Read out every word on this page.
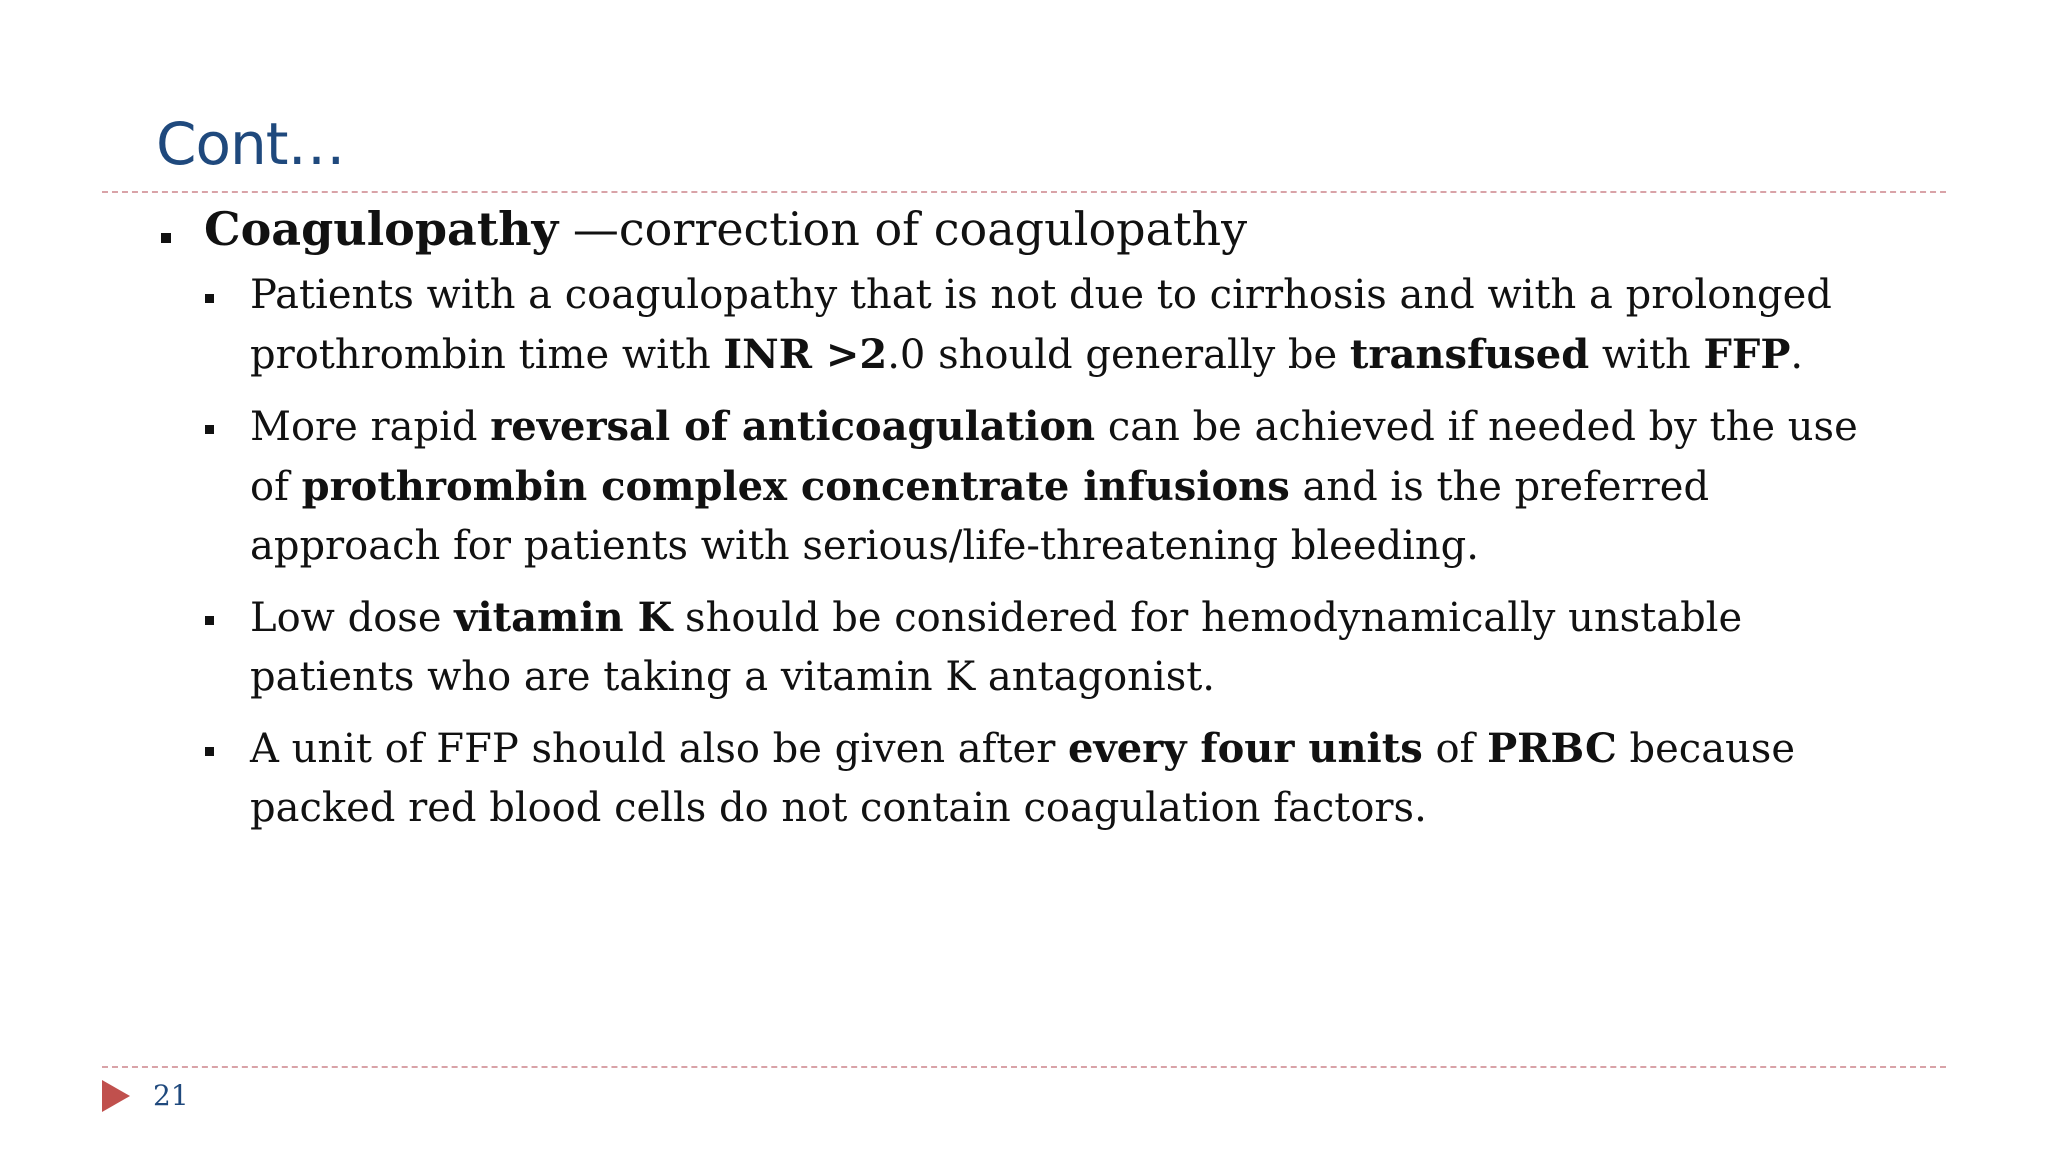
Cont…
Coagulopathy —correction of coagulopathy
Patients with a coagulopathy that is not due to cirrhosis and with a prolonged
prothrombin time with INR >2.0 should generally be transfused with FFP.
More rapid reversal of anticoagulation can be achieved if needed by the use
of prothrombin complex concentrate infusions and is the preferred
approach for patients with serious/life-threatening bleeding.
Low dose vitamin K should be considered for hemodynamically unstable
patients who are taking a vitamin K antagonist.
A unit of FFP should also be given after every four units of PRBC because
packed red blood cells do not contain coagulation factors.
21
